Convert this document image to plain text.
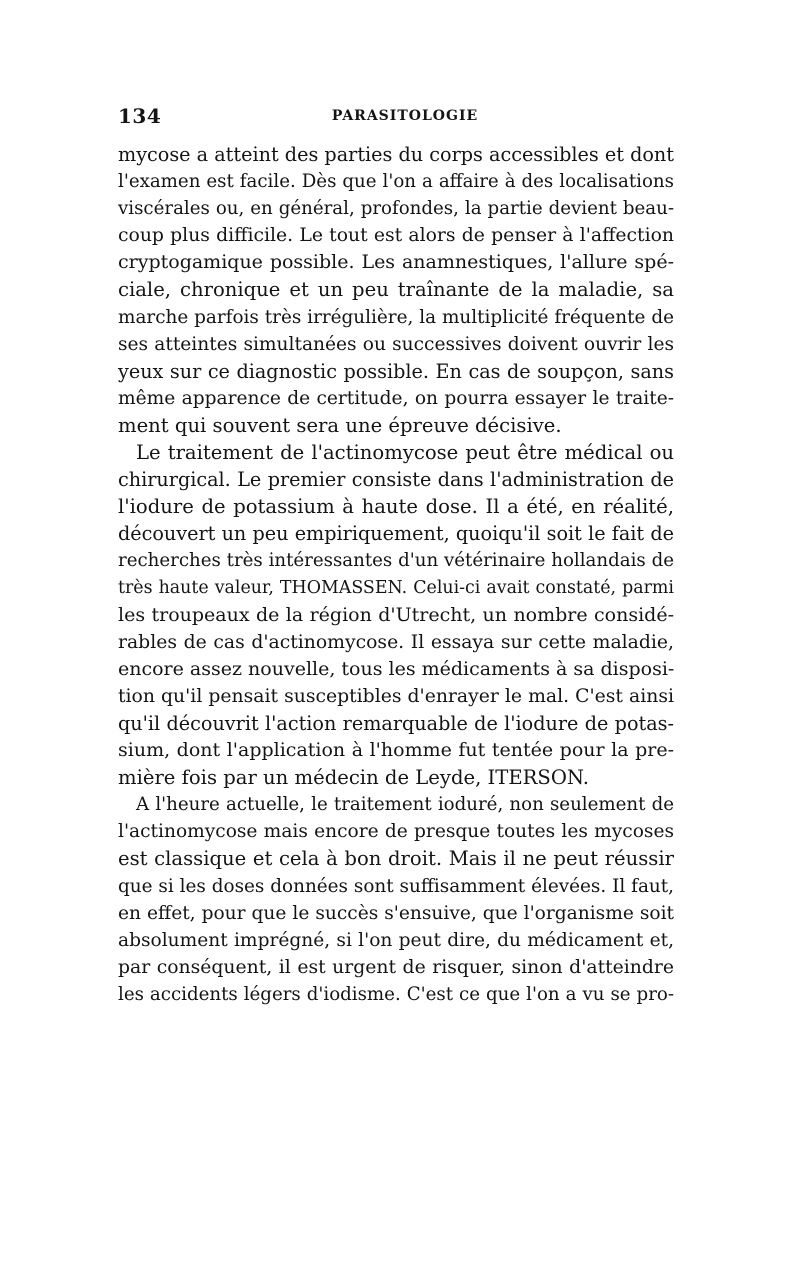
134	PARASITOLOGIE
mycose a atteint des parties du corps accessibles et dont
l'examen est facile. Dès que l'on a affaire à des localisations
viscérales ou, en général, profondes, la partie devient beau-
coup plus difficile. Le tout est alors de penser à l'affection
cryptogamique possible. Les anamnestiques, l'allure spé-
ciale, chronique et un peu traînante de la maladie, sa
marche parfois très irrégulière, la multiplicité fréquente de
ses atteintes simultanées ou successives doivent ouvrir les
yeux sur ce diagnostic possible. En cas de soupçon, sans
même apparence de certitude, on pourra essayer le traite-
ment qui souvent sera une épreuve décisive.
Le traitement de l'actinomycose peut être médical ou
chirurgical. Le premier consiste dans l'administration de
l'iodure de potassium à haute dose. Il a été, en réalité,
découvert un peu empiriquement, quoiqu'il soit le fait de
recherches très intéressantes d'un vétérinaire hollandais de
très haute valeur, THOMASSEN. Celui-ci avait constaté, parmi
les troupeaux de la région d'Utrecht, un nombre considé-
rables de cas d'actinomycose. Il essaya sur cette maladie,
encore assez nouvelle, tous les médicaments à sa disposi-
tion qu'il pensait susceptibles d'enrayer le mal. C'est ainsi
qu'il découvrit l'action remarquable de l'iodure de potas-
sium, dont l'application à l'homme fut tentée pour la pre-
mière fois par un médecin de Leyde, ITERSON.
A l'heure actuelle, le traitement ioduré, non seulement de
l'actinomycose mais encore de presque toutes les mycoses
est classique et cela à bon droit. Mais il ne peut réussir
que si les doses données sont suffisamment élevées. Il faut,
en effet, pour que le succès s'ensuive, que l'organisme soit
absolument imprégné, si l'on peut dire, du médicament et,
par conséquent, il est urgent de risquer, sinon d'atteindre
les accidents légers d'iodisme. C'est ce que l'on a vu se pro-
